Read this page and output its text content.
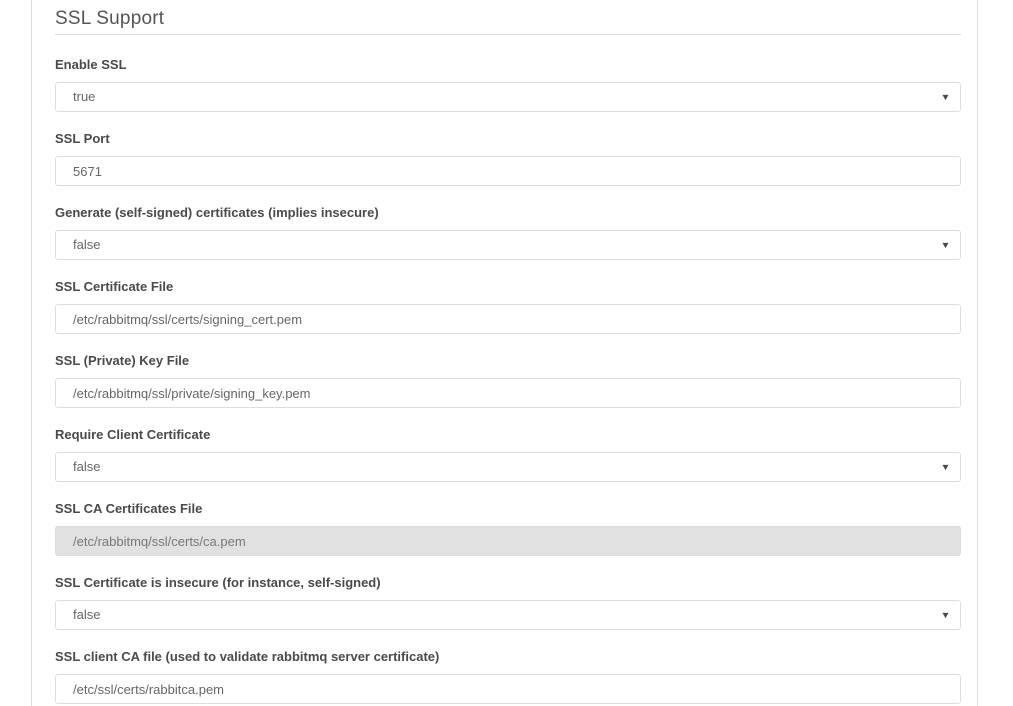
SSL Support
Enable SSL
true	▼
SSL Port
5671
Generate (self-signed) certificates (implies insecure)
false	▼
SSL Certificate File
/etc/rabbitmq/ssl/certs/signing_cert.pem
SSL (Private) Key File
/etc/rabbitmq/ssl/private/signing_key.pem
Require Client Certificate
false	▼
SSL CA Certificates File
/etc/rabbitmq/ssl/certs/ca.pem
SSL Certificate is insecure (for instance, self-signed)
false	▼
SSL client CA file (used to validate rabbitmq server certificate)
/etc/ssl/certs/rabbitca.pem
